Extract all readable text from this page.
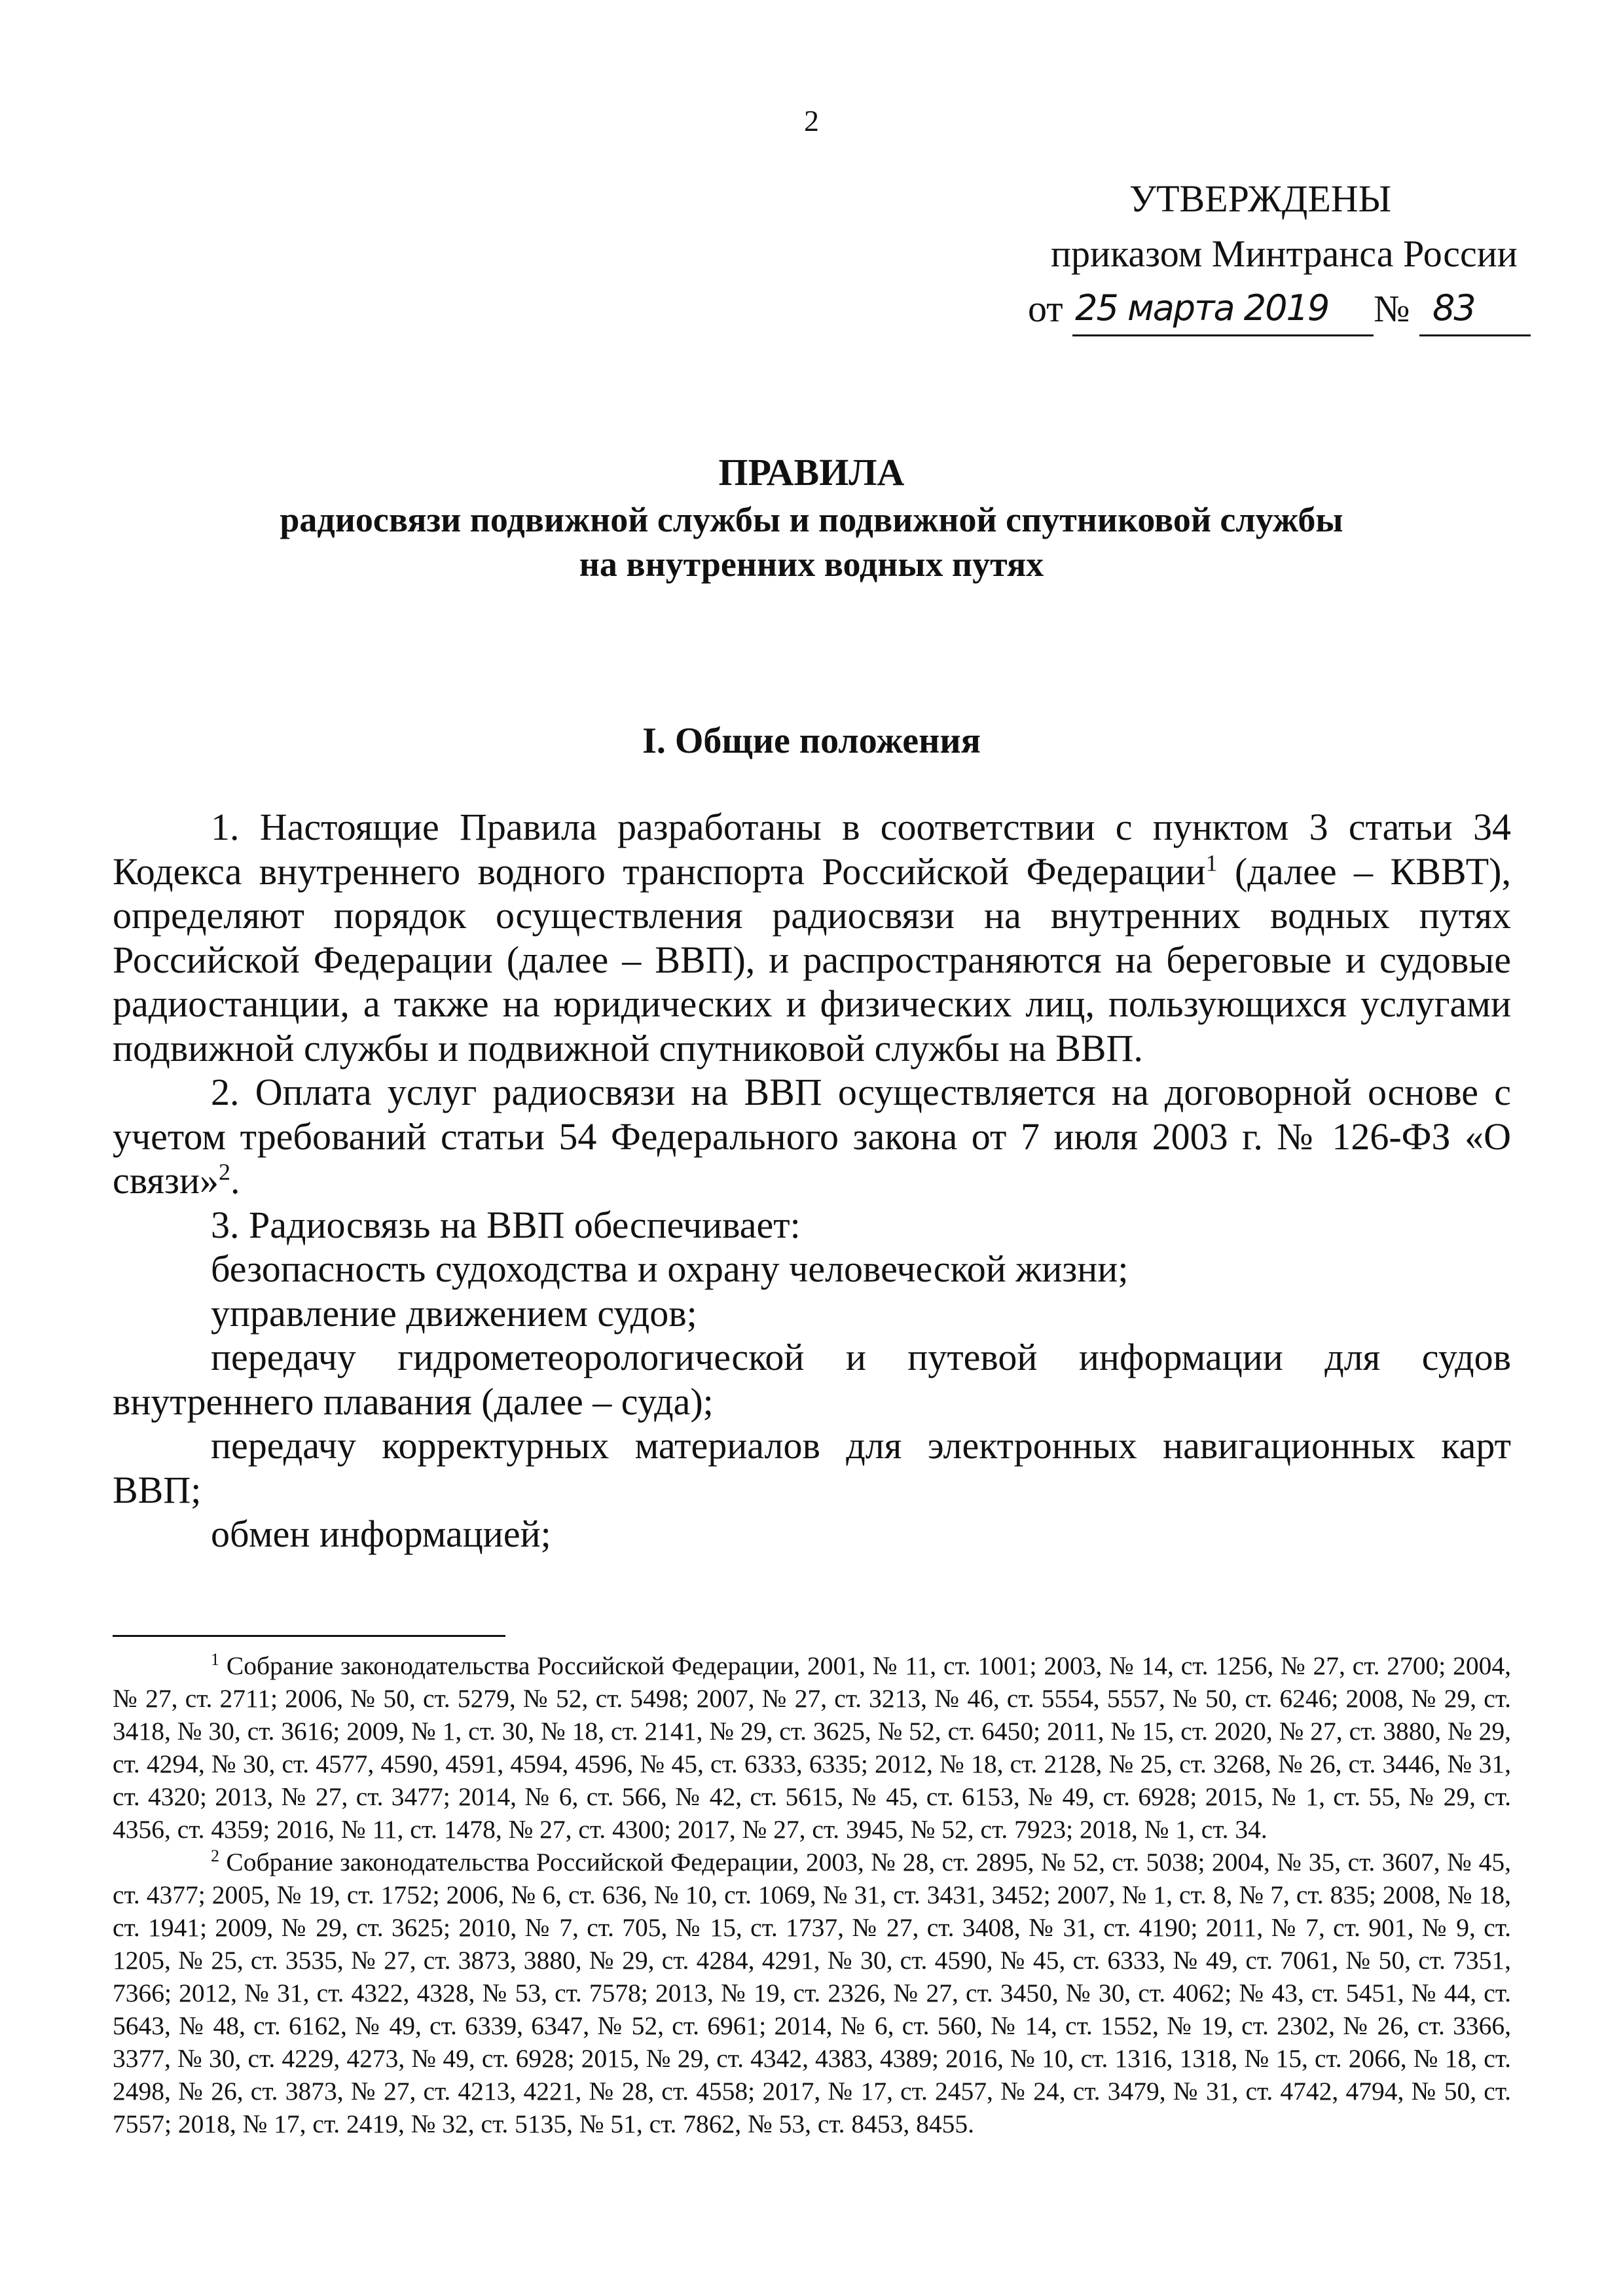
2
УТВЕРЖДЕНЫ
приказом Минтранса России
от 25 марта 2019 № 83
ПРАВИЛА
радиосвязи подвижной службы и подвижной спутниковой службы
на внутренних водных путях
I. Общие положения

1. Настоящие Правила разработаны в соответствии с пунктом 3 статьи 34 Кодекса внутреннего водного транспорта Российской Федерации$^1$ (далее – КВВТ), определяют порядок осуществления радиосвязи на внутренних водных путях Российской Федерации (далее – ВВП), и распространяются на береговые и судовые радиостанции, а также на юридических и физических лиц, пользующихся услугами подвижной службы и подвижной спутниковой службы на ВВП.

2. Оплата услуг радиосвязи на ВВП осуществляется на договорной основе с учетом требований статьи 54 Федерального закона от 7 июля 2003 г. № 126-ФЗ «О связи»$^2$.

3. Радиосвязь на ВВП обеспечивает:

безопасность судоходства и охрану человеческой жизни;

управление движением судов;

передачу гидрометеорологической и путевой информации для судов внутреннего плавания (далее – суда);

передачу корректурных материалов для электронных навигационных карт ВВП;

обмен информацией;

$^1$ Собрание законодательства Российской Федерации, 2001, № 11, ст. 1001; 2003, № 14, ст. 1256, № 27, ст. 2700; 2004, № 27, ст. 2711; 2006, № 50, ст. 5279, № 52, ст. 5498; 2007, № 27, ст. 3213, № 46, ст. 5554, 5557, № 50, ст. 6246; 2008, № 29, ст. 3418, № 30, ст. 3616; 2009, № 1, ст. 30, № 18, ст. 2141, № 29, ст. 3625, № 52, ст. 6450; 2011, № 15, ст. 2020, № 27, ст. 3880, № 29, ст. 4294, № 30, ст. 4577, 4590, 4591, 4594, 4596, № 45, ст. 6333, 6335; 2012, № 18, ст. 2128, № 25, ст. 3268, № 26, ст. 3446, № 31, ст. 4320; 2013, № 27, ст. 3477; 2014, № 6, ст. 566, № 42, ст. 5615, № 45, ст. 6153, № 49, ст. 6928; 2015, № 1, ст. 55, № 29, ст. 4356, ст. 4359; 2016, № 11, ст. 1478, № 27, ст. 4300; 2017, № 27, ст. 3945, № 52, ст. 7923; 2018, № 1, ст. 34.

$^2$ Собрание законодательства Российской Федерации, 2003, № 28, ст. 2895, № 52, ст. 5038; 2004, № 35, ст. 3607, № 45, ст. 4377; 2005, № 19, ст. 1752; 2006, № 6, ст. 636, № 10, ст. 1069, № 31, ст. 3431, 3452; 2007, № 1, ст. 8, № 7, ст. 835; 2008, № 18, ст. 1941; 2009, № 29, ст. 3625; 2010, № 7, ст. 705, № 15, ст. 1737, № 27, ст. 3408, № 31, ст. 4190; 2011, № 7, ст. 901, № 9, ст. 1205, № 25, ст. 3535, № 27, ст. 3873, 3880, № 29, ст. 4284, 4291, № 30, ст. 4590, № 45, ст. 6333, № 49, ст. 7061, № 50, ст. 7351, 7366; 2012, № 31, ст. 4322, 4328, № 53, ст. 7578; 2013, № 19, ст. 2326, № 27, ст. 3450, № 30, ст. 4062; № 43, ст. 5451, № 44, ст. 5643, № 48, ст. 6162, № 49, ст. 6339, 6347, № 52, ст. 6961; 2014, № 6, ст. 560, № 14, ст. 1552, № 19, ст. 2302, № 26, ст. 3366, 3377, № 30, ст. 4229, 4273, № 49, ст. 6928; 2015, № 29, ст. 4342, 4383, 4389; 2016, № 10, ст. 1316, 1318, № 15, ст. 2066, № 18, ст. 2498, № 26, ст. 3873, № 27, ст. 4213, 4221, № 28, ст. 4558; 2017, № 17, ст. 2457, № 24, ст. 3479, № 31, ст. 4742, 4794, № 50, ст. 7557; 2018, № 17, ст. 2419, № 32, ст. 5135, № 51, ст. 7862, № 53, ст. 8453, 8455.
